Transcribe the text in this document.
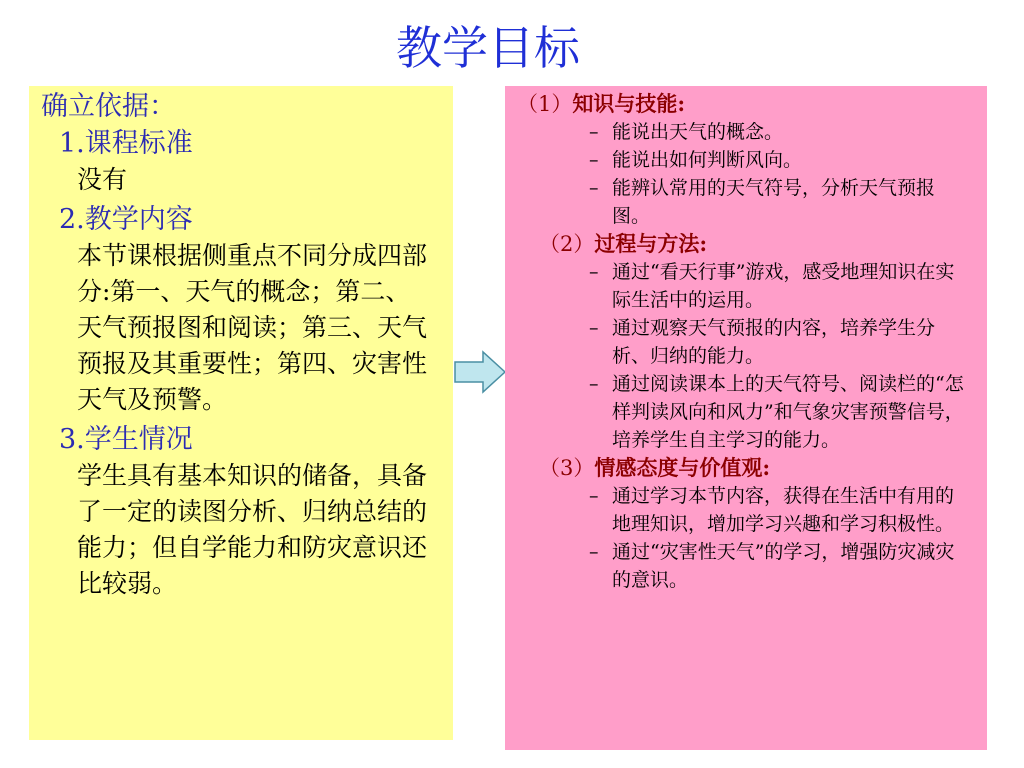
教学目标
确立依据：
1.课程标准
没有
2.教学内容
本节课根据侧重点不同分成四部分:第一、天气的概念；第二、天气预报图和阅读；第三、天气预报及其重要性；第四、灾害性天气及预警。
3.学生情况
学生具有基本知识的储备，具备了一定的读图分析、归纳总结的能力；但自学能力和防灾意识还比较弱。
（1）知识与技能:
– 能说出天气的概念。
– 能说出如何判断风向。
– 能辨认常用的天气符号，分析天气预报图。
（2）过程与方法:
– 通过“看天行事”游戏，感受地理知识在实际生活中的运用。
– 通过观察天气预报的内容，培养学生分析、归纳的能力。
– 通过阅读课本上的天气符号、阅读栏的“怎样判读风向和风力”和气象灾害预警信号，培养学生自主学习的能力。
（3）情感态度与价值观:
– 通过学习本节内容，获得在生活中有用的地理知识，增加学习兴趣和学习积极性。
– 通过“灾害性天气”的学习，增强防灾减灾的意识。
